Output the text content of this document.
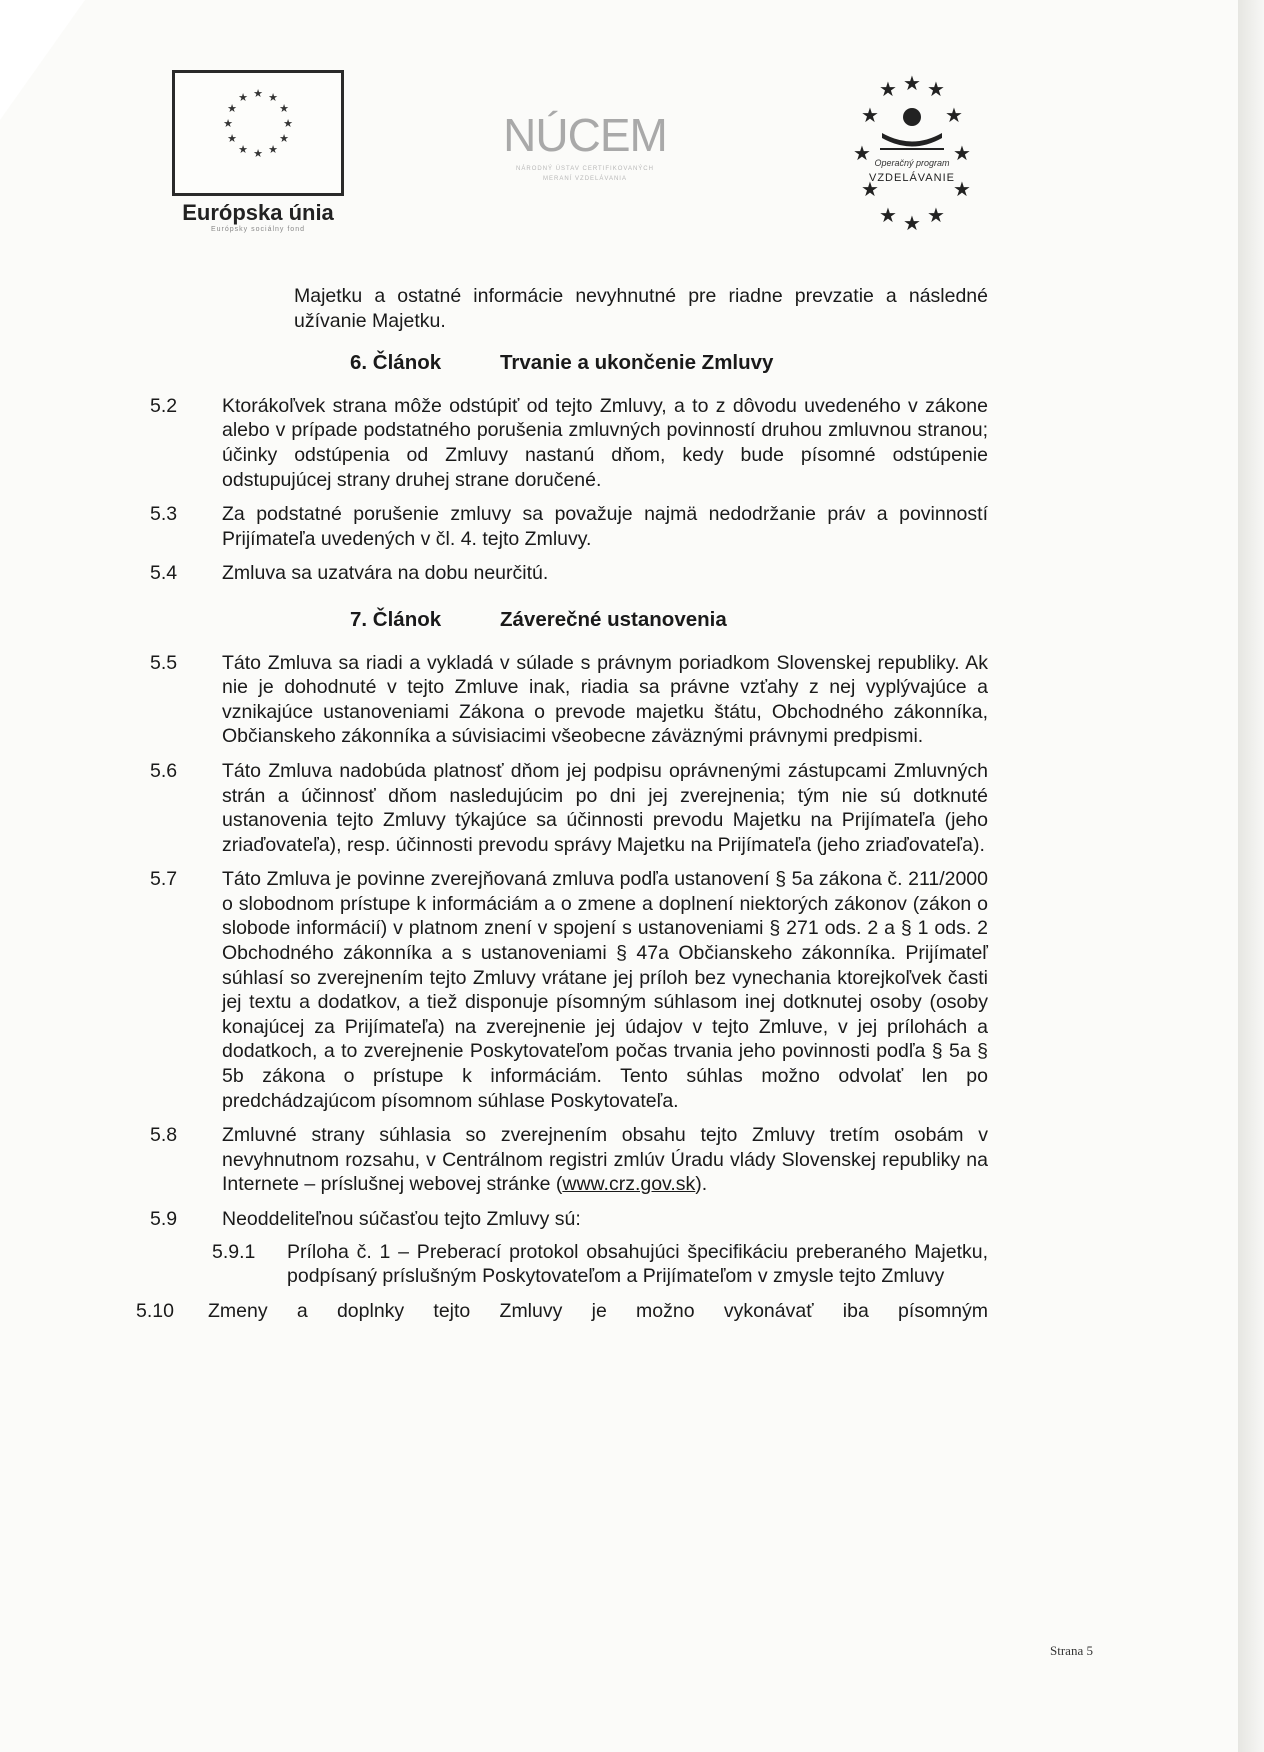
★ ★
★
★
★
★
★
★
★
★
★
★
Európska únia
Európsky sociálny fond
NÚCEM
NÁRODNÝ ÚSTAV CERTIFIKOVANÝCH
MERANÍ VZDELÁVANIA
★
★ ★
★	★
★	★
★	★
★ ★
★
Operačný program
VZDELÁVANIE

Majetku a ostatné informácie nevyhnutné pre riadne prevzatie a následné užívanie Majetku.

6. Článok	Trvanie a ukončenie Zmluvy
5.2	Ktorákoľvek strana môže odstúpiť od tejto Zmluvy, a to z dôvodu uvedeného v zákone alebo v prípade podstatného porušenia zmluvných povinností druhou zmluvnou stranou; účinky odstúpenia od Zmluvy nastanú dňom, kedy bude písomné odstúpenie odstupujúcej strany druhej strane doručené.
5.3	Za podstatné porušenie zmluvy sa považuje najmä nedodržanie práv a povinností Prijímateľa uvedených v čl. 4. tejto Zmluvy.
5.4	Zmluva sa uzatvára na dobu neurčitú.
7. Článok	Záverečné ustanovenia
5.5	Táto Zmluva sa riadi a vykladá v súlade s právnym poriadkom Slovenskej republiky. Ak nie je dohodnuté v tejto Zmluve inak, riadia sa právne vzťahy z nej vyplývajúce a vznikajúce ustanoveniami Zákona o prevode majetku štátu, Obchodného zákonníka, Občianskeho zákonníka a súvisiacimi všeobecne záväznými právnymi predpismi.
5.6	Táto Zmluva nadobúda platnosť dňom jej podpisu oprávnenými zástupcami Zmluvných strán a účinnosť dňom nasledujúcim po dni jej zverejnenia; tým nie sú dotknuté ustanovenia tejto Zmluvy týkajúce sa účinnosti prevodu Majetku na Prijímateľa (jeho zriaďovateľa), resp. účinnosti prevodu správy Majetku na Prijímateľa (jeho zriaďovateľa).
5.7	Táto Zmluva je povinne zverejňovaná zmluva podľa ustanovení § 5a zákona č. 211/2000 o slobodnom prístupe k informáciám a o zmene a doplnení niektorých zákonov (zákon o slobode informácií) v platnom znení v spojení s ustanoveniami § 271 ods. 2 a § 1 ods. 2 Obchodného zákonníka a s ustanoveniami § 47a Občianskeho zákonníka. Prijímateľ súhlasí so zverejnením tejto Zmluvy vrátane jej príloh bez vynechania ktorejkoľvek časti jej textu a dodatkov, a tiež disponuje písomným súhlasom inej dotknutej osoby (osoby konajúcej za Prijímateľa) na zverejnenie jej údajov v tejto Zmluve, v jej prílohách a dodatkoch, a to zverejnenie Poskytovateľom počas trvania jeho povinnosti podľa § 5a § 5b zákona o prístupe k informáciám. Tento súhlas možno odvolať len po predchádzajúcom písomnom súhlase Poskytovateľa.
5.8	Zmluvné strany súhlasia so zverejnením obsahu tejto Zmluvy tretím osobám v nevyhnutnom rozsahu, v Centrálnom registri zmlúv Úradu vlády Slovenskej republiky na Internete – príslušnej webovej stránke (www.crz.gov.sk).
5.9	Neoddeliteľnou súčasťou tejto Zmluvy sú:
5.9.1	Príloha č. 1 – Preberací protokol obsahujúci špecifikáciu preberaného Majetku, podpísaný príslušným Poskytovateľom a Prijímateľom v zmysle tejto Zmluvy
5.10	Zmeny a doplnky tejto Zmluvy je možno vykonávať iba písomným
Strana 5
